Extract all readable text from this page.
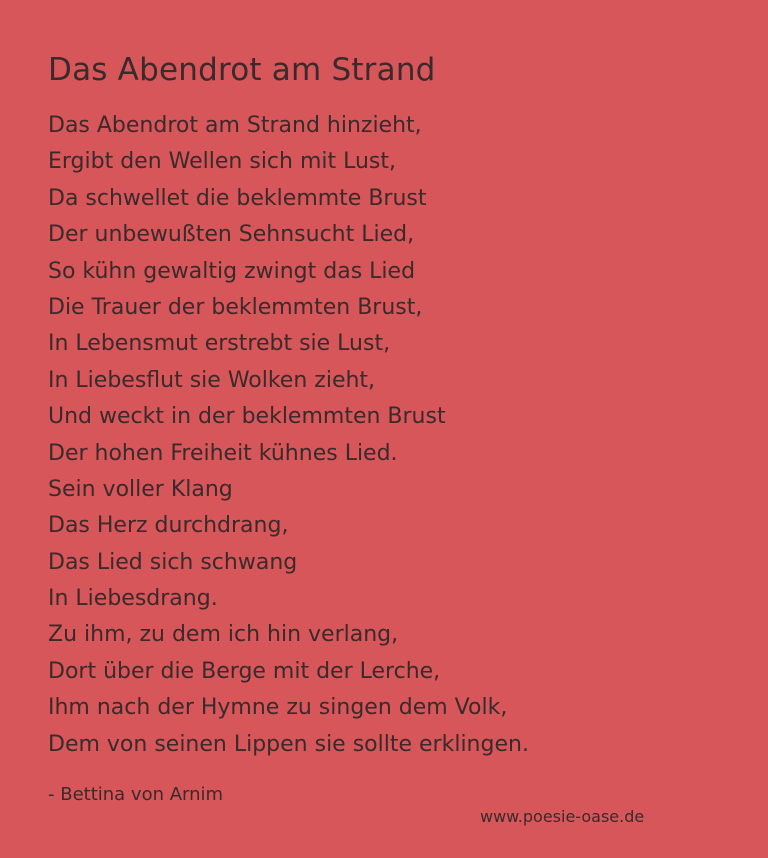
Das Abendrot am Strand
Das Abendrot am Strand hinzieht,
Ergibt den Wellen sich mit Lust,
Da schwellet die beklemmte Brust
Der unbewußten Sehnsucht Lied,
So kühn gewaltig zwingt das Lied
Die Trauer der beklemmten Brust,
In Lebensmut erstrebt sie Lust,
In Liebesflut sie Wolken zieht,
Und weckt in der beklemmten Brust
Der hohen Freiheit kühnes Lied.
Sein voller Klang
Das Herz durchdrang,
Das Lied sich schwang
In Liebesdrang.
Zu ihm, zu dem ich hin verlang,
Dort über die Berge mit der Lerche,
Ihm nach der Hymne zu singen dem Volk,
Dem von seinen Lippen sie sollte erklingen.
- Bettina von Arnim
www.poesie-oase.de
